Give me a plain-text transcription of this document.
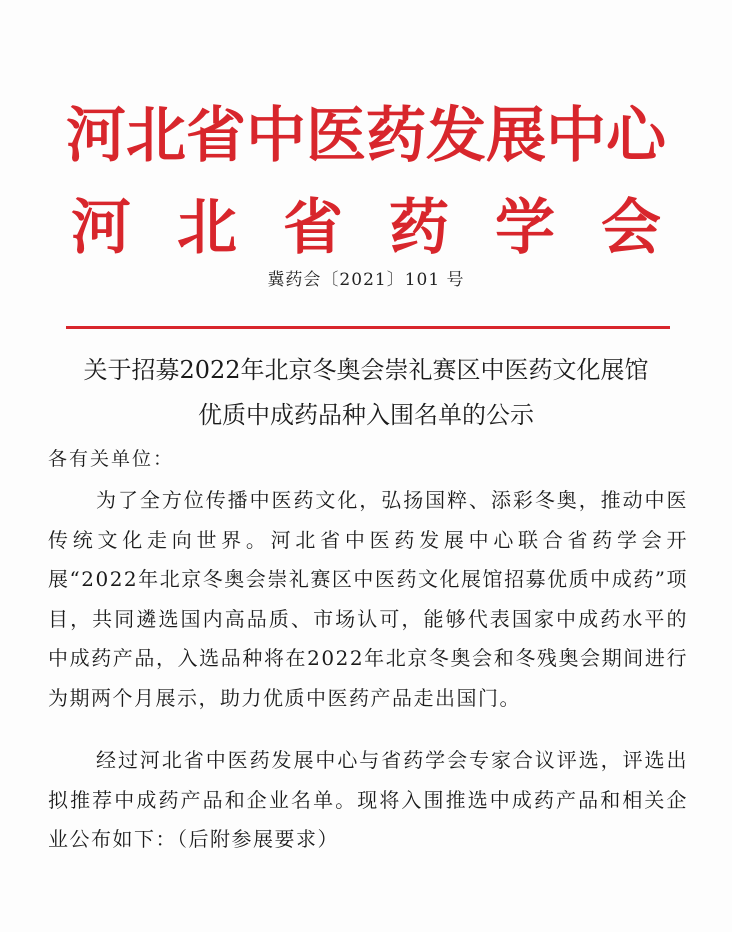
河北省中医药发展中心
河北省药学会
冀药会〔2021〕101 号
关于招募2022年北京冬奥会崇礼赛区中医药文化展馆
优质中成药品种入围名单的公示
各有关单位：

为了全方位传播中医药文化，弘扬国粹、添彩冬奥，推动中医传统文化走向世界。河北省中医药发展中心联合省药学会开展“2022年北京冬奥会崇礼赛区中医药文化展馆招募优质中成药”项目，共同遴选国内高品质、市场认可，能够代表国家中成药水平的中成药产品，入选品种将在2022年北京冬奥会和冬残奥会期间进行为期两个月展示，助力优质中医药产品走出国门。

经过河北省中医药发展中心与省药学会专家合议评选，评选出拟推荐中成药产品和企业名单。现将入围推选中成药产品和相关企业公布如下：（后附参展要求）
